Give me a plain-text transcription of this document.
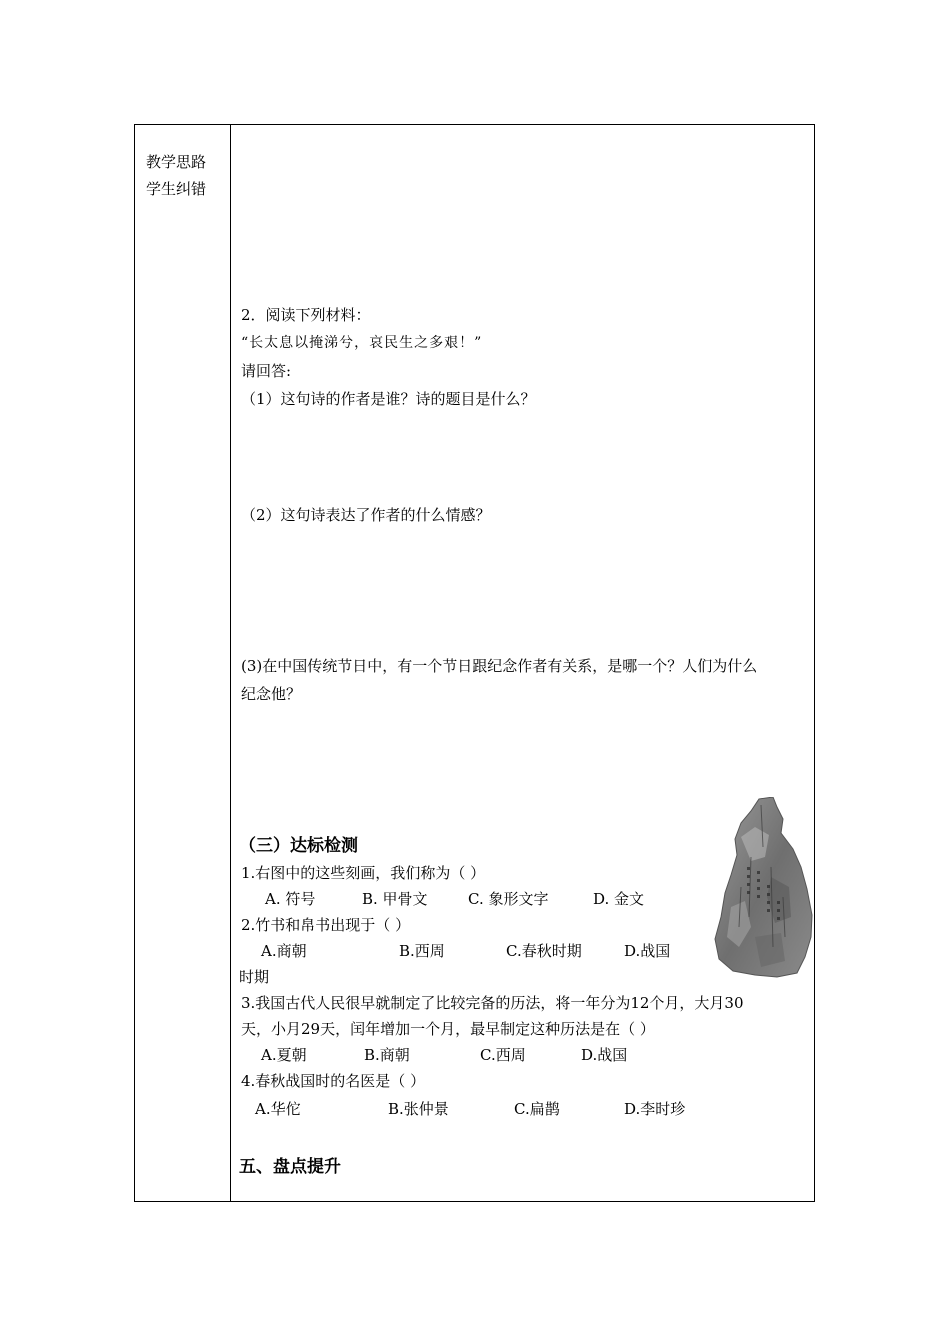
教学思路
学生纠错
2．阅读下列材料：
“长太息以掩涕兮，哀民生之多艰！”
请回答:
（1）这句诗的作者是谁？诗的题目是什么？
（2）这句诗表达了作者的什么情感？
(3)在中国传统节日中，有一个节日跟纪念作者有关系，是哪一个？人们为什么
纪念他？
（三）达标检测
1.右图中的这些刻画，我们称为（ ）
A. 符号	B. 甲骨文	C. 象形文字	D. 金文
2.竹书和帛书出现于（ ）
A.商朝	B.西周	C.春秋时期	D.战国
时期
3.我国古代人民很早就制定了比较完备的历法，将一年分为12个月，大月30
天，小月29天，闰年增加一个月，最早制定这种历法是在（ ）
A.夏朝	B.商朝	C.西周	D.战国
4.春秋战国时的名医是（ ）
A.华佗	B.张仲景	C.扁鹊	D.李时珍
五、盘点提升
